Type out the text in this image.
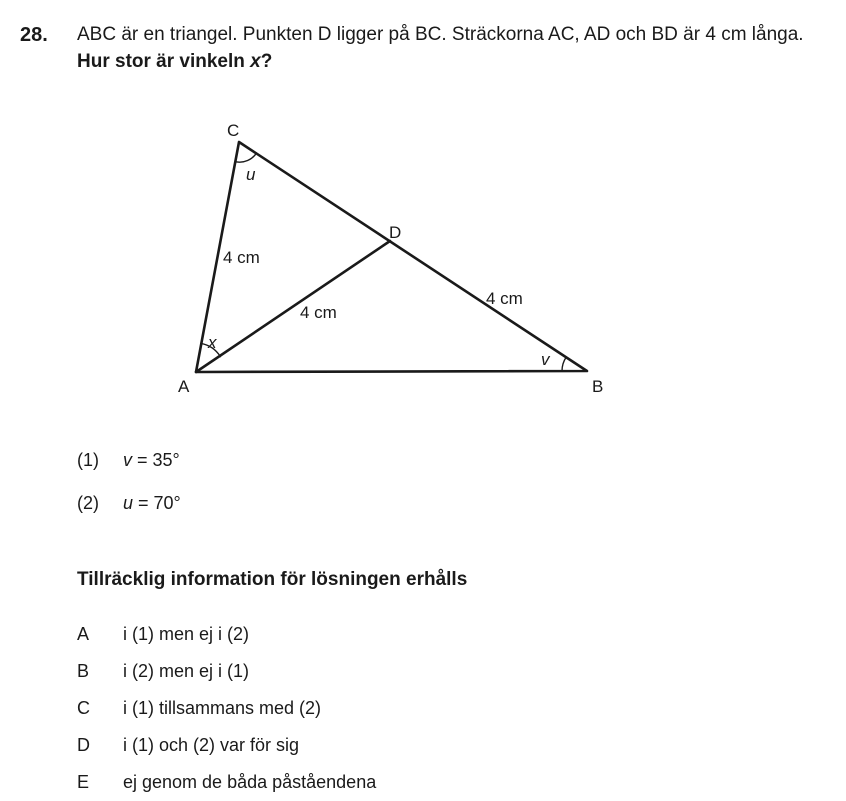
28. ABC är en triangel. Punkten D ligger på BC. Sträckorna AC, AD och BD är 4 cm långa.
Hur stor är vinkeln x?
C
D
A	B
4 cm
4 cm
4 cm
u
x
v
(1) v = 35°
(2) u = 70°
Tillräcklig information för lösningen erhålls
A i (1) men ej i (2)
B i (2) men ej i (1)
C i (1) tillsammans med (2)
D i (1) och (2) var för sig
E ej genom de båda påståendena
